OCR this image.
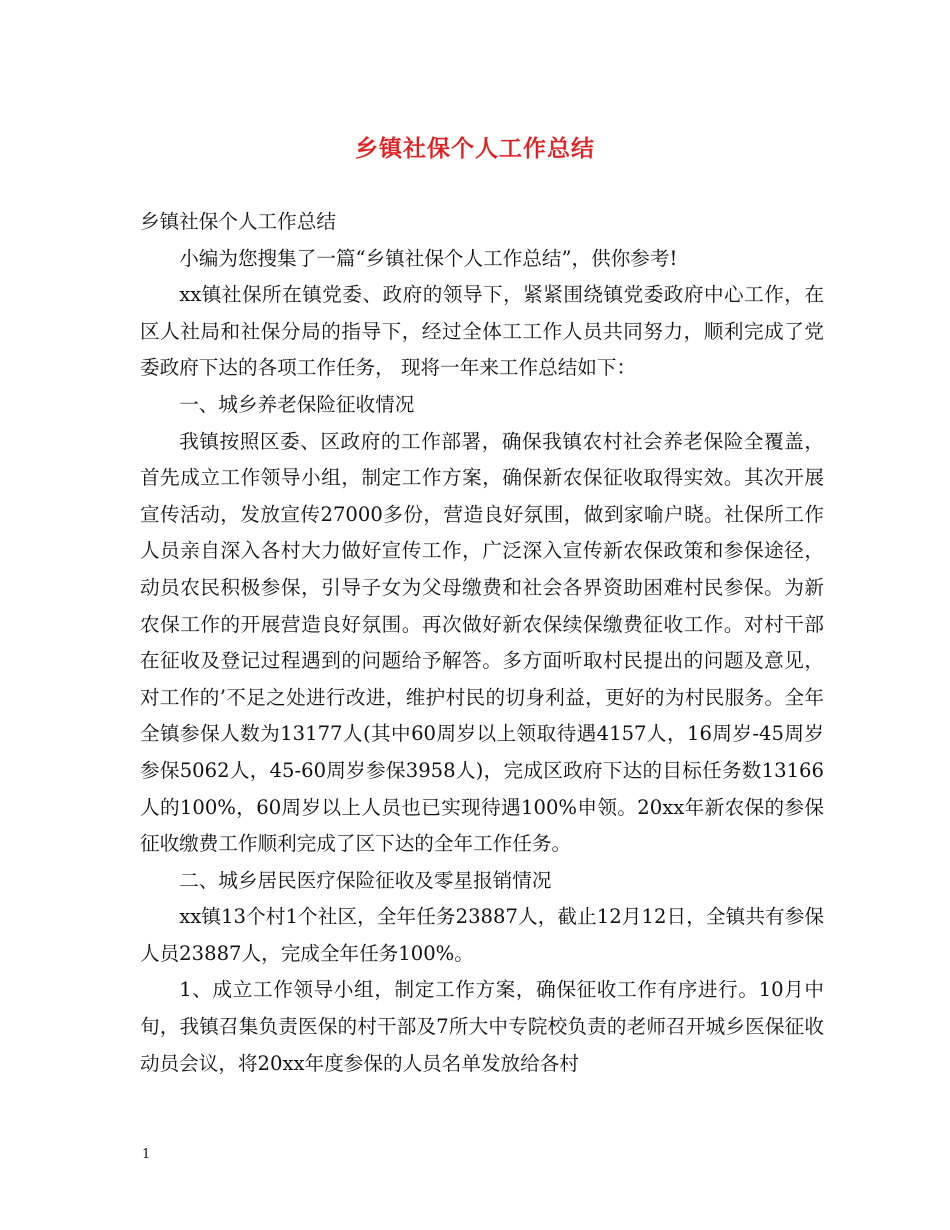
乡镇社保个人工作总结

乡镇社保个人工作总结

小编为您搜集了一篇“乡镇社保个人工作总结”，供你参考!

xx镇社保所在镇党委、政府的领导下，紧紧围绕镇党委政府中心工作，在区人社局和社保分局的指导下，经过全体工工作人员共同努力，顺利完成了党委政府下达的各项工作任务， 现将一年来工作总结如下：

一、城乡养老保险征收情况

我镇按照区委、区政府的工作部署，确保我镇农村社会养老保险全覆盖，首先成立工作领导小组，制定工作方案，确保新农保征收取得实效。其次开展宣传活动，发放宣传27000多份，营造良好氛围，做到家喻户晓。社保所工作人员亲自深入各村大力做好宣传工作，广泛深入宣传新农保政策和参保途径，动员农民积极参保，引导子女为父母缴费和社会各界资助困难村民参保。为新农保工作的开展营造良好氛围。再次做好新农保续保缴费征收工作。对村干部在征收及登记过程遇到的问题给予解答。多方面听取村民提出的问题及意见，对工作的’不足之处进行改进，维护村民的切身利益，更好的为村民服务。全年全镇参保人数为13177人(其中60周岁以上领取待遇4157人，16周岁-45周岁参保5062人，45-60周岁参保3958人)，完成区政府下达的目标任务数13166人的100%，60周岁以上人员也已实现待遇100%申领。20xx年新农保的参保征收缴费工作顺利完成了区下达的全年工作任务。

二、城乡居民医疗保险征收及零星报销情况

xx镇13个村1个社区，全年任务23887人，截止12月12日，全镇共有参保人员23887人，完成全年任务100%。

1、成立工作领导小组，制定工作方案，确保征收工作有序进行。10月中旬，我镇召集负责医保的村干部及7所大中专院校负责的老师召开城乡医保征收动员会议，将20xx年度参保的人员名单发放给各村

1
